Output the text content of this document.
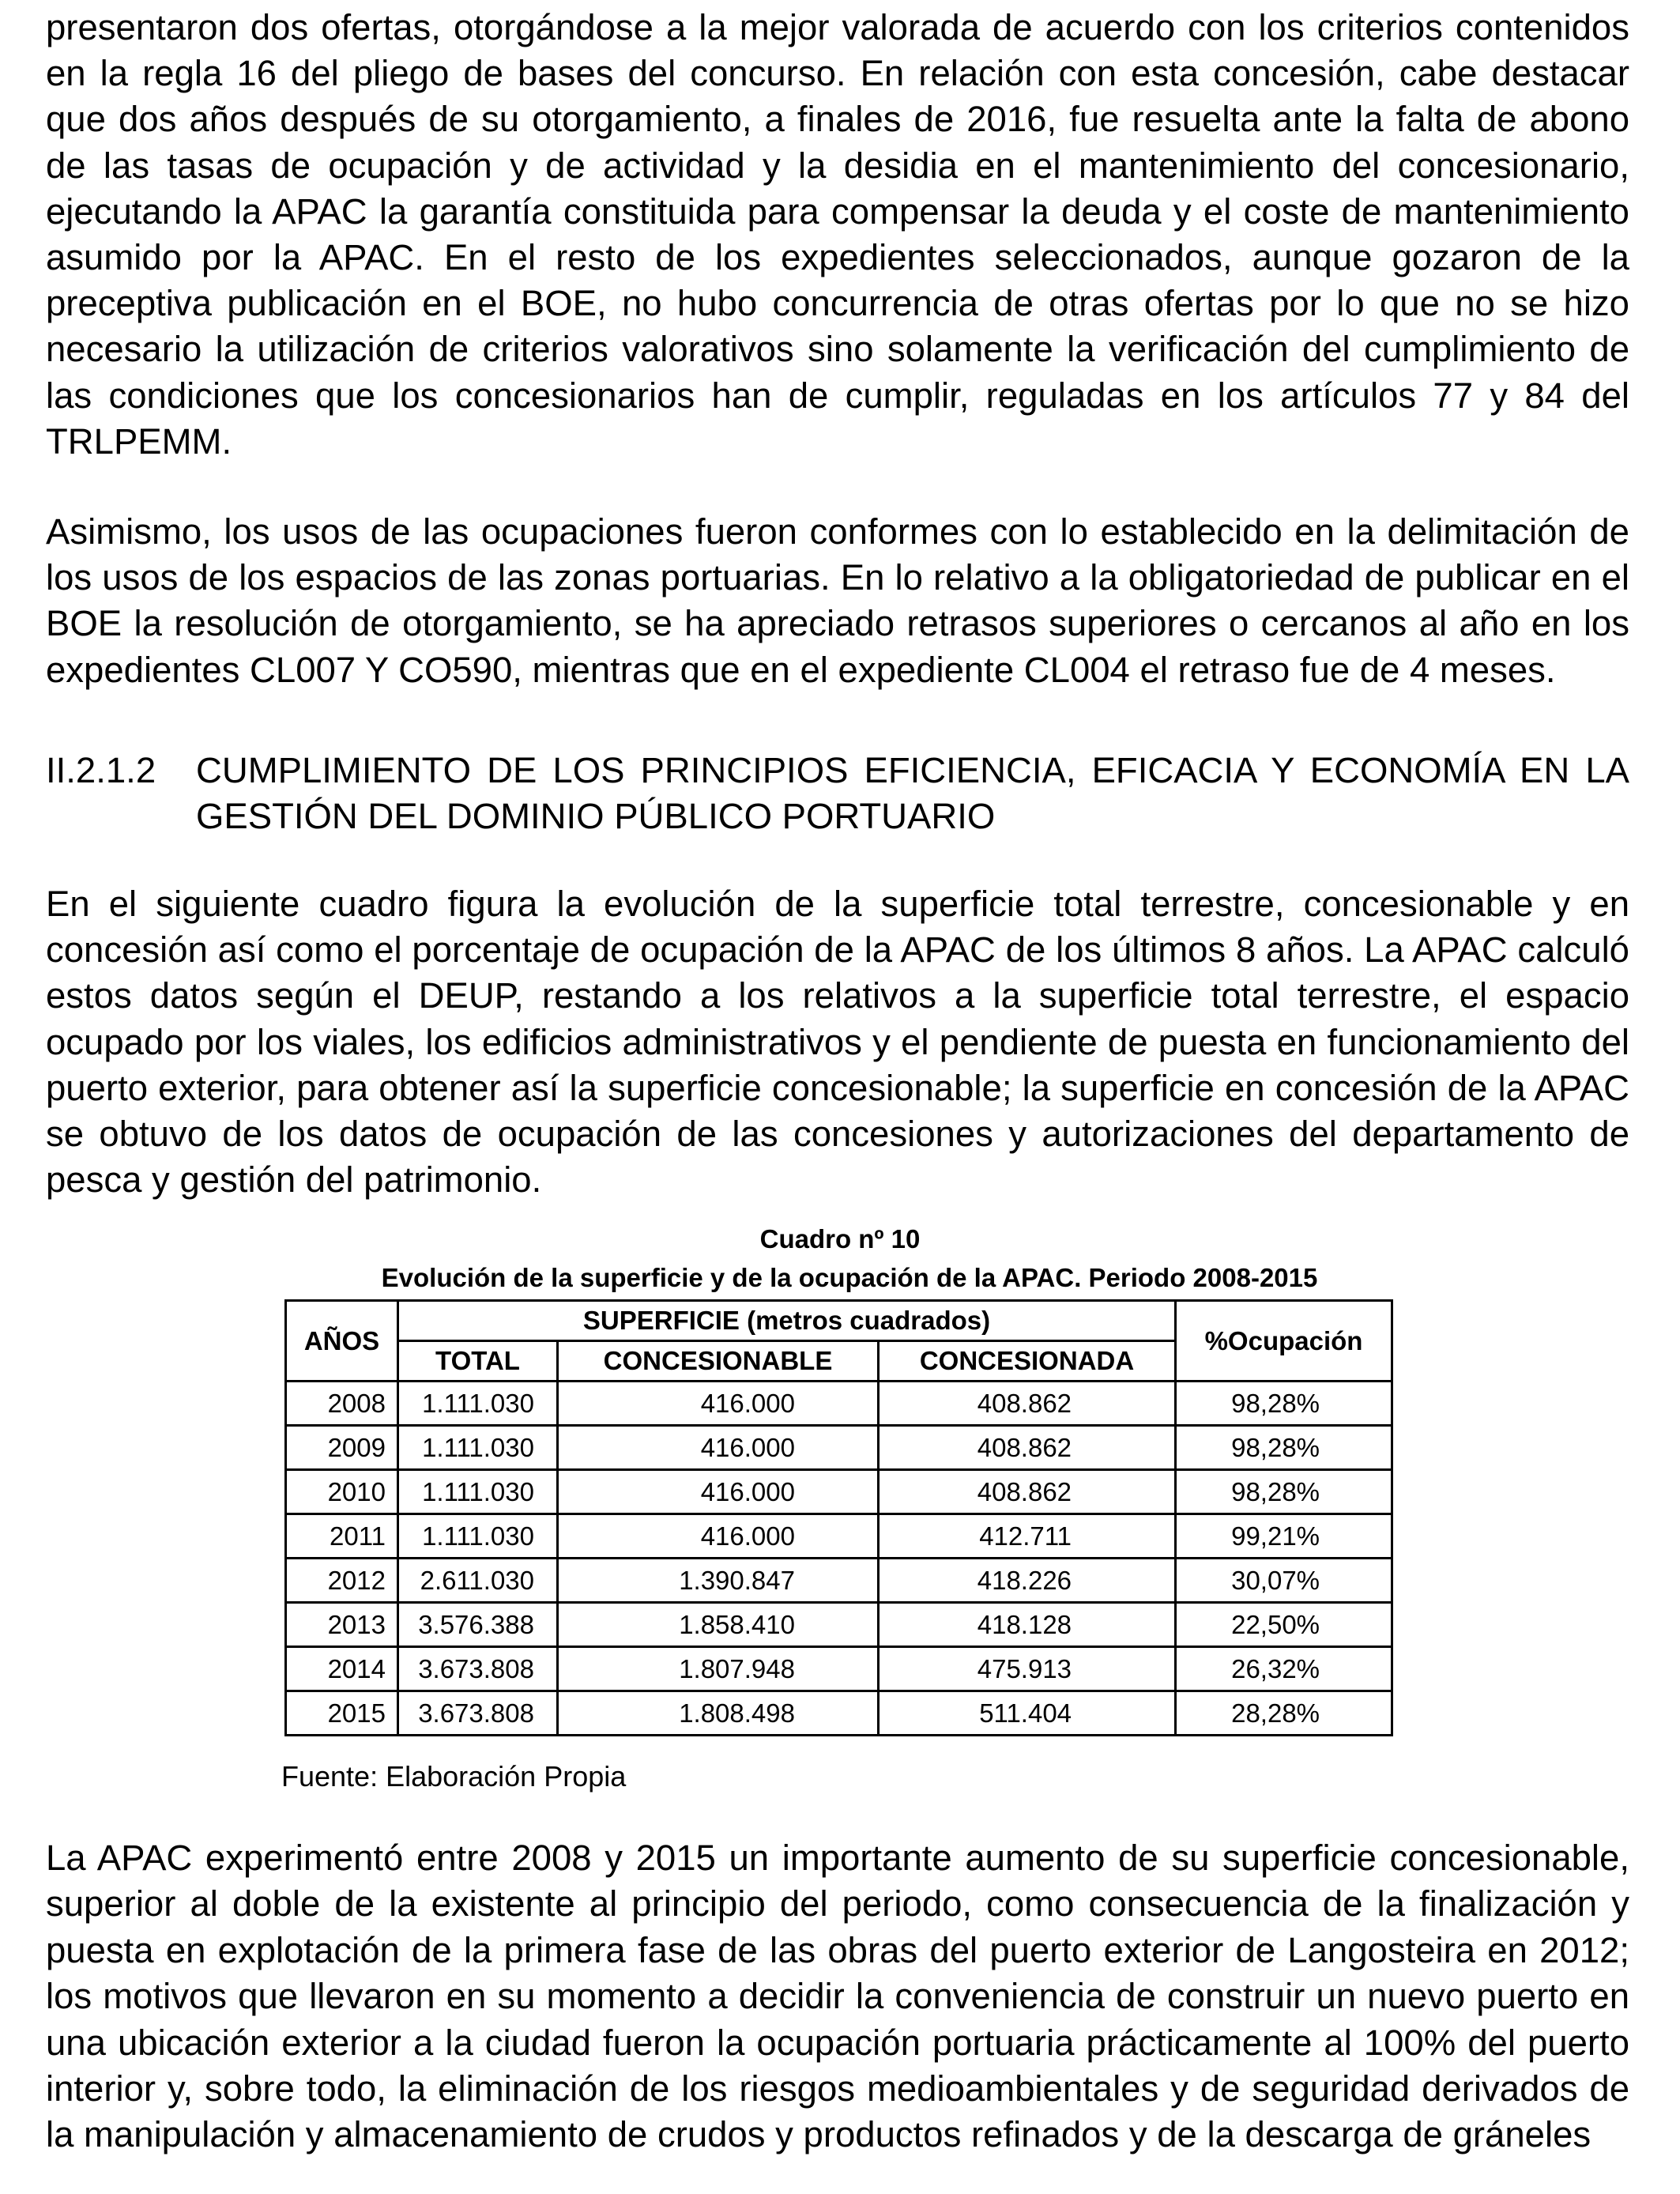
presentaron dos ofertas, otorgándose a la mejor valorada de acuerdo con los criterios contenidos en la regla 16 del pliego de bases del concurso. En relación con esta concesión, cabe destacar que dos años después de su otorgamiento, a finales de 2016, fue resuelta ante la falta de abono de las tasas de ocupación y de actividad y la desidia en el mantenimiento del concesionario, ejecutando la APAC la garantía constituida para compensar la deuda y el coste de mantenimiento asumido por la APAC. En el resto de los expedientes seleccionados, aunque gozaron de la preceptiva publicación en el BOE, no hubo concurrencia de otras ofertas por lo que no se hizo necesario la utilización de criterios valorativos sino solamente la verificación del cumplimiento de las condiciones que los concesionarios han de cumplir, reguladas en los artículos 77 y 84 del TRLPEMM.

Asimismo, los usos de las ocupaciones fueron conformes con lo establecido en la delimitación de los usos de los espacios de las zonas portuarias. En lo relativo a la obligatoriedad de publicar en el BOE la resolución de otorgamiento, se ha apreciado retrasos superiores o cercanos al año en los expedientes CL007 Y CO590, mientras que en el expediente CL004 el retraso fue de 4 meses.

II.2.1.2 CUMPLIMIENTO DE LOS PRINCIPIOS EFICIENCIA, EFICACIA Y ECONOMÍA EN LA GESTIÓN DEL DOMINIO PÚBLICO PORTUARIO

En el siguiente cuadro figura la evolución de la superficie total terrestre, concesionable y en concesión así como el porcentaje de ocupación de la APAC de los últimos 8 años. La APAC calculó estos datos según el DEUP, restando a los relativos a la superficie total terrestre, el espacio ocupado por los viales, los edificios administrativos y el pendiente de puesta en funcionamiento del puerto exterior, para obtener así la superficie concesionable; la superficie en concesión de la APAC se obtuvo de los datos de ocupación de las concesiones y autorizaciones del departamento de pesca y gestión del patrimonio.

Cuadro nº 10
Evolución de la superficie y de la ocupación de la APAC. Periodo 2008-2015
AÑOS	SUPERFICIE (metros cuadrados)			%Ocupación
	TOTAL	CONCESIONABLE	CONCESIONADA	
2008	1.111.030	416.000	408.862	98,28%
2009	1.111.030	416.000	408.862	98,28%
2010	1.111.030	416.000	408.862	98,28%
2011	1.111.030	416.000	412.711	99,21%
2012	2.611.030	1.390.847	418.226	30,07%
2013	3.576.388	1.858.410	418.128	22,50%
2014	3.673.808	1.807.948	475.913	26,32%
2015	3.673.808	1.808.498	511.404	28,28%
Fuente: Elaboración Propia

La APAC experimentó entre 2008 y 2015 un importante aumento de su superficie concesionable, superior al doble de la existente al principio del periodo, como consecuencia de la finalización y puesta en explotación de la primera fase de las obras del puerto exterior de Langosteira en 2012; los motivos que llevaron en su momento a decidir la conveniencia de construir un nuevo puerto en una ubicación exterior a la ciudad fueron la ocupación portuaria prácticamente al 100% del puerto interior y, sobre todo, la eliminación de los riesgos medioambientales y de seguridad derivados de la manipulación y almacenamiento de crudos y productos refinados y de la descarga de gráneles
